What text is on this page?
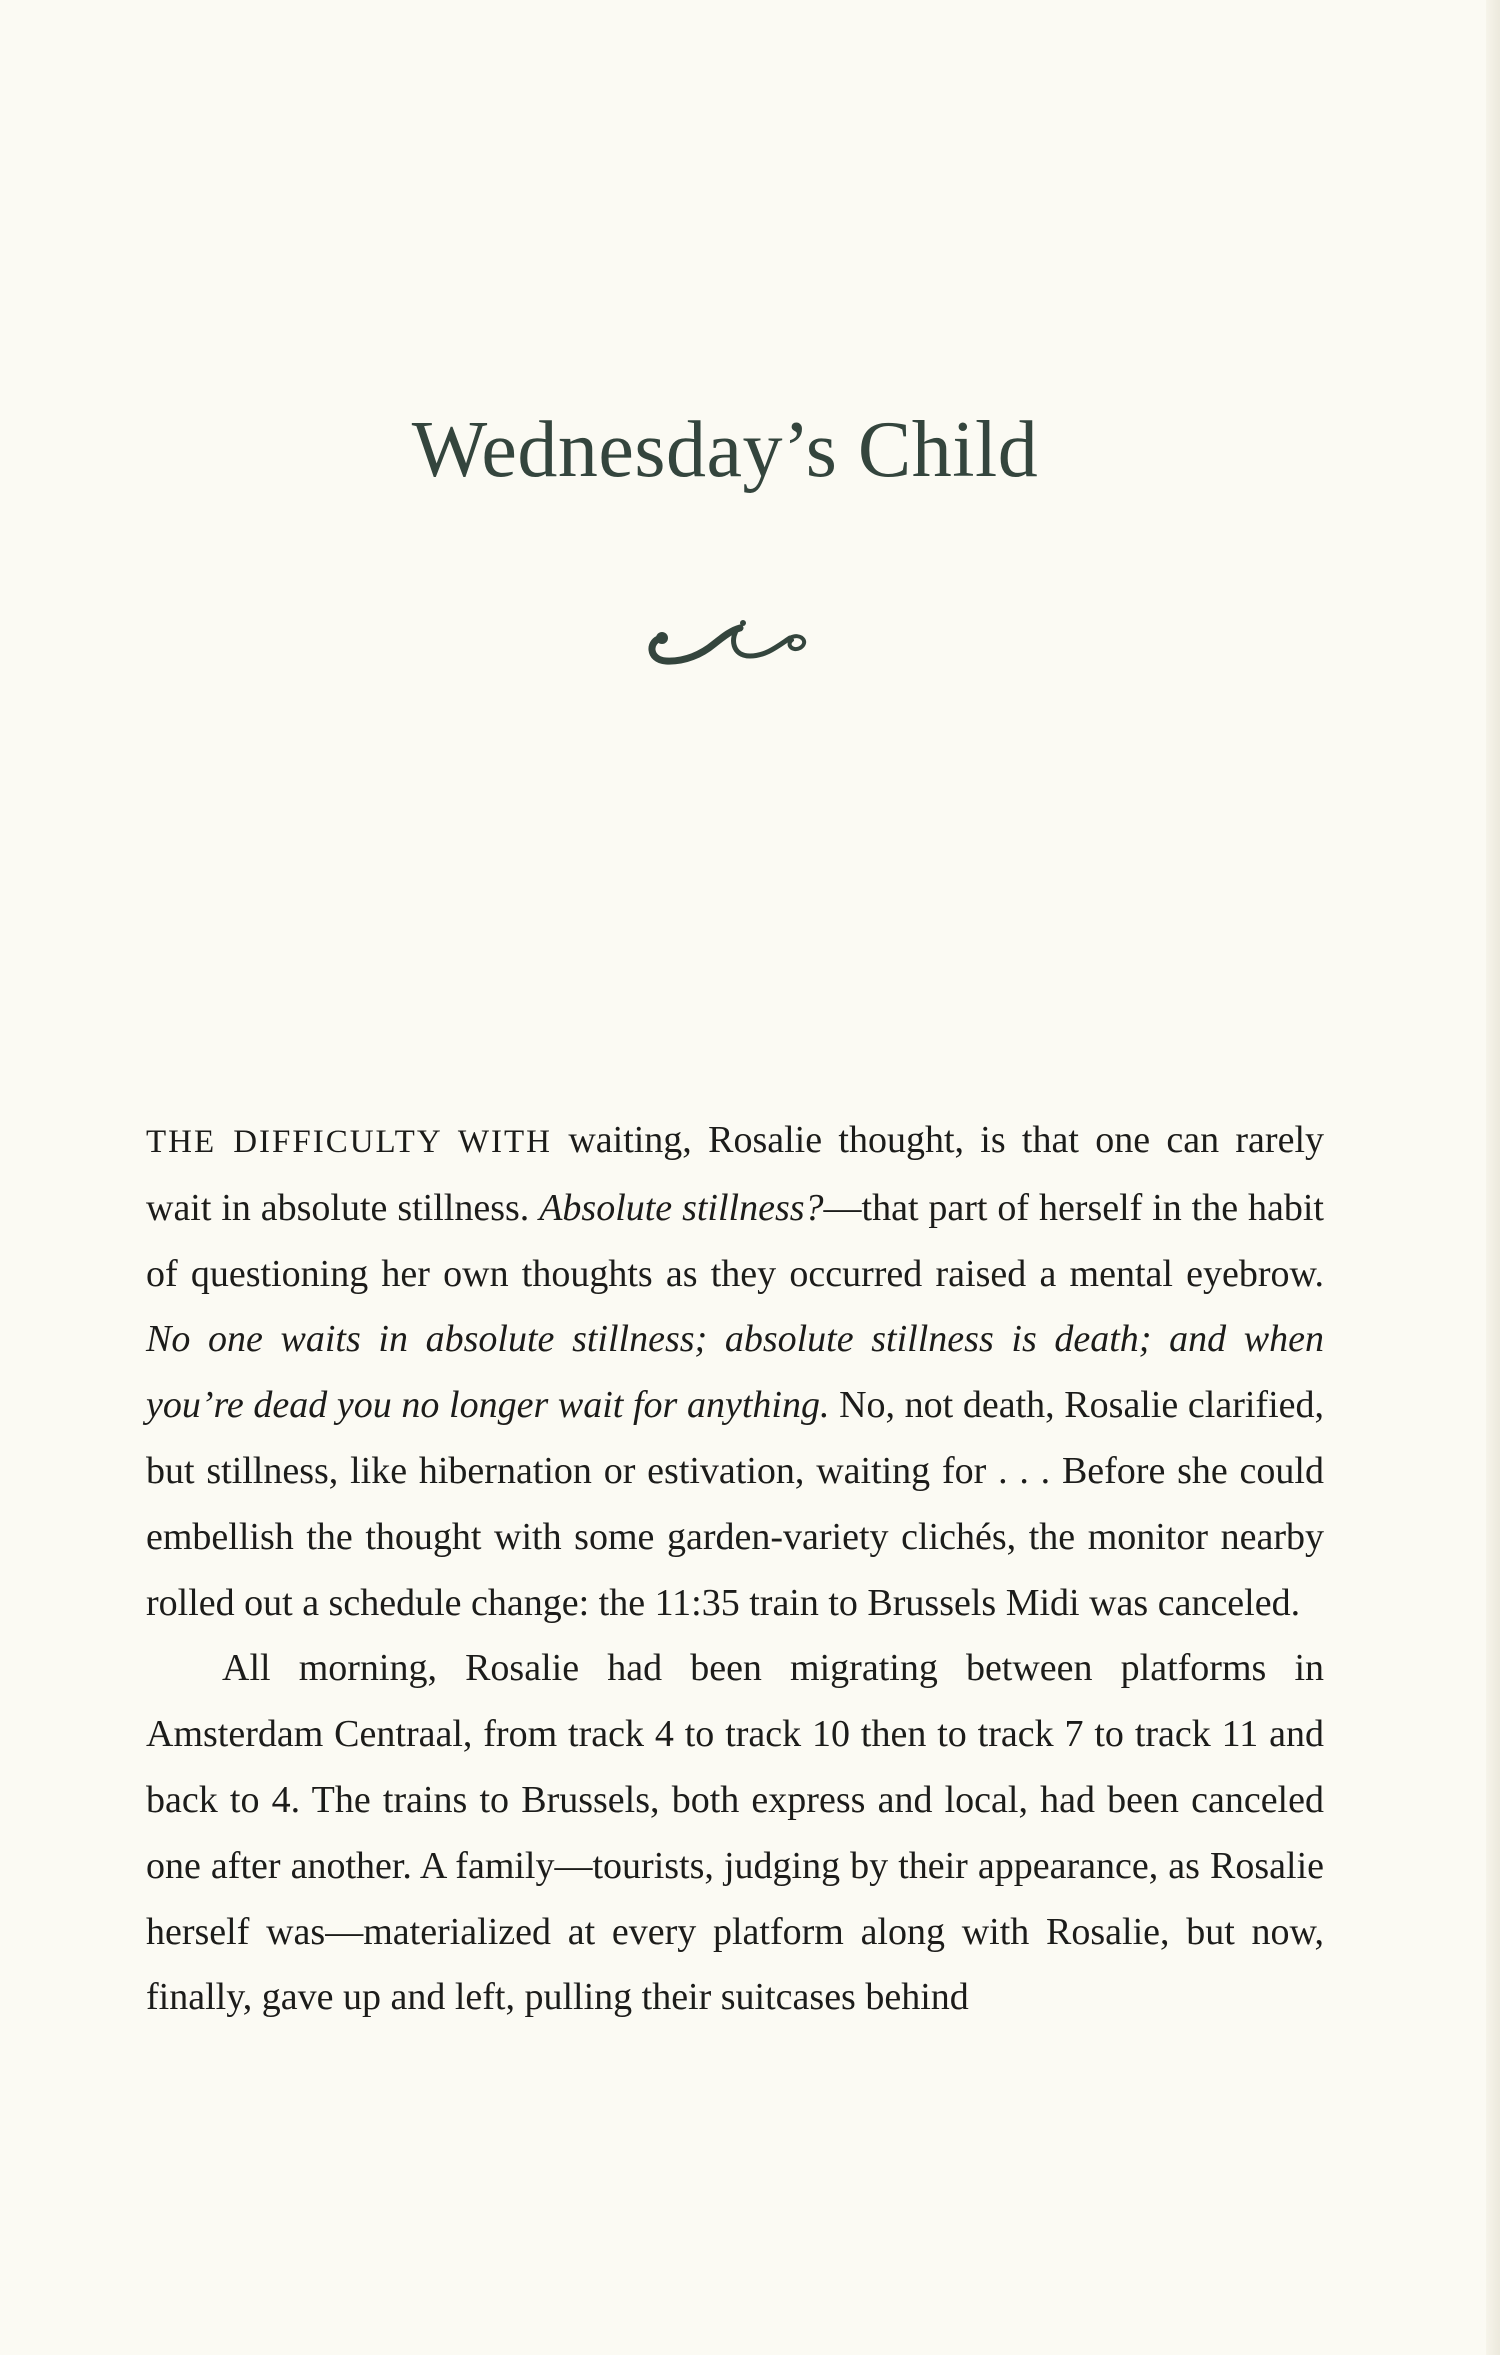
Wednesday’s Child

THE DIFFICULTY WITH waiting, Rosalie thought, is that one can rarely wait in absolute stillness. Absolute stillness?—that part of herself in the habit of questioning her own thoughts as they occurred raised a mental eyebrow. No one waits in absolute stillness; absolute stillness is death; and when you’re dead you no longer wait for anything. No, not death, Rosalie clarified, but stillness, like hibernation or estivation, waiting for . . . Before she could embellish the thought with some garden-variety clichés, the monitor nearby rolled out a schedule change: the 11:35 train to Brussels Midi was canceled.

All morning, Rosalie had been migrating between platforms in Amsterdam Centraal, from track 4 to track 10 then to track 7 to track 11 and back to 4. The trains to Brussels, both express and local, had been canceled one after another. A family—tourists, judging by their appearance, as Rosalie herself was—materialized at every platform along with Rosalie, but now, finally, gave up and left, pulling their suitcases behind
